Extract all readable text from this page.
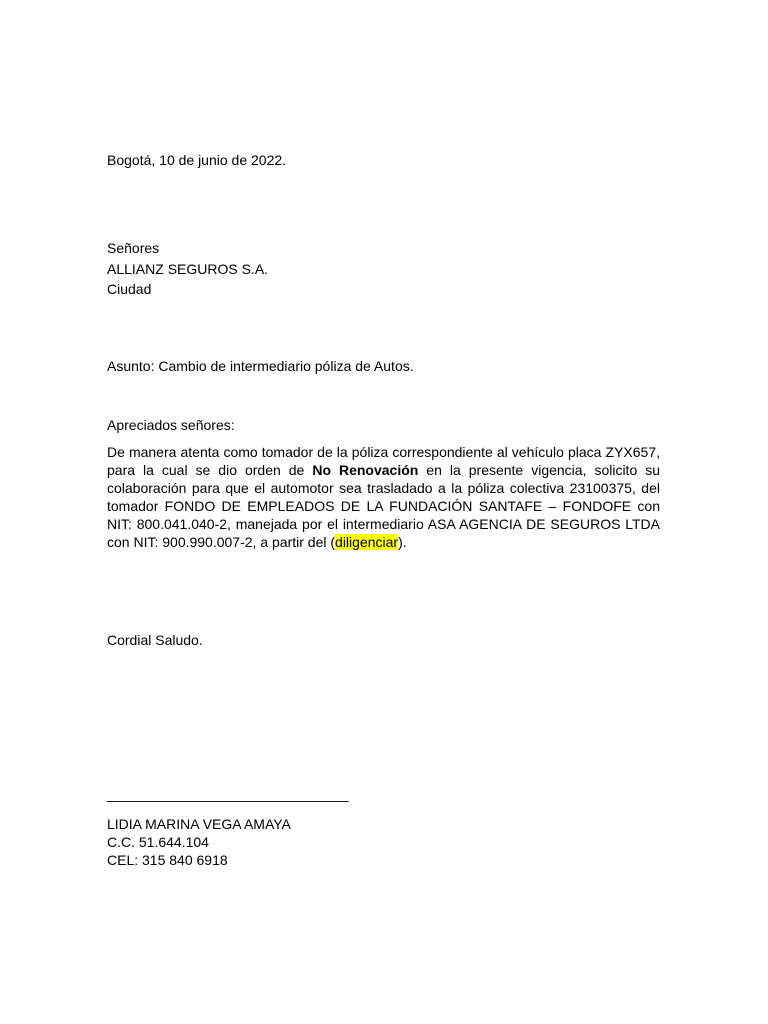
Bogotá, 10 de junio de 2022.

Señores

ALLIANZ SEGUROS S.A.

Ciudad

Asunto: Cambio de intermediario póliza de Autos.

Apreciados señores:

De manera atenta como tomador de la póliza correspondiente al vehículo placa ZYX657, para la cual se dio orden de No Renovación en la presente vigencia, solicito su colaboración para que el automotor sea trasladado a la póliza colectiva 23100375, del tomador FONDO DE EMPLEADOS DE LA FUNDACIÓN SANTAFE – FONDOFE con NIT: 800.041.040-2, manejada por el intermediario ASA AGENCIA DE SEGUROS LTDA con NIT: 900.990.007-2, a partir del (diligenciar).

Cordial Saludo.

_______________________________

LIDIA MARINA VEGA AMAYA

C.C. 51.644.104

CEL: 315 840 6918
